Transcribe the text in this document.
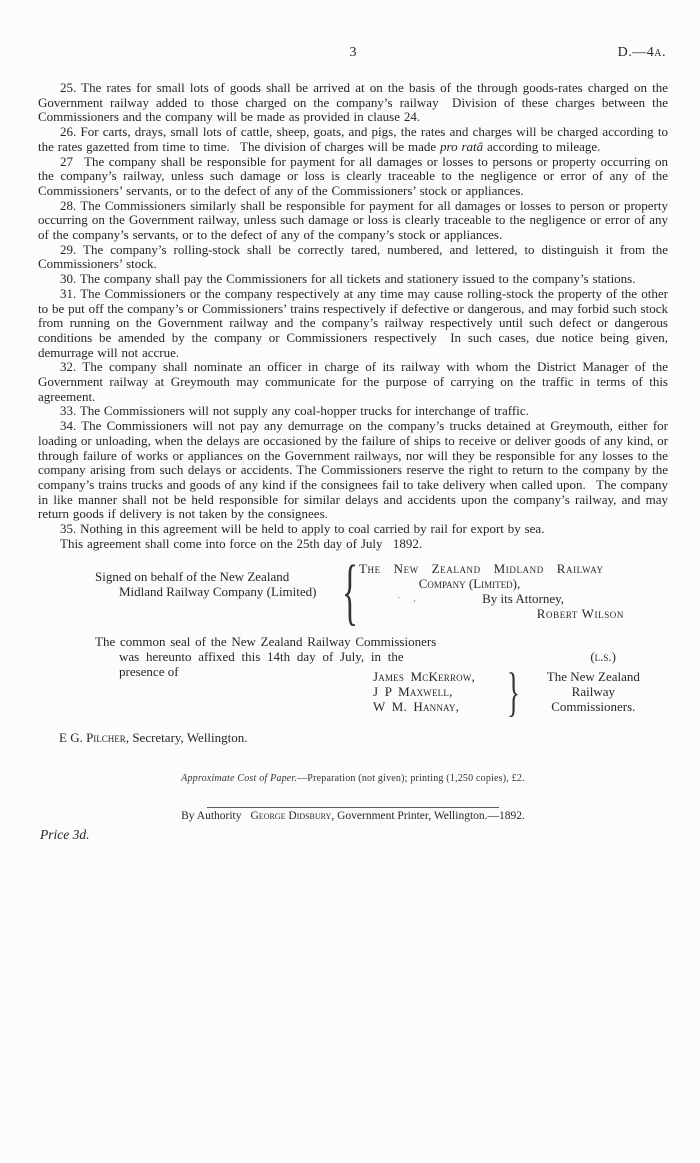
3	D.—4a.

25. The rates for small lots of goods shall be arrived at on the basis of the through goods-rates charged on the Government railway added to those charged on the company’s railway  Division of these charges between the Commissioners and the company will be made as provided in clause 24.

26. For carts, drays, small lots of cattle, sheep, goats, and pigs, the rates and charges will be charged according to the rates gazetted from time to time.  The division of charges will be made pro ratâ according to mileage.

27  The company shall be responsible for payment for all damages or losses to persons or property occurring on the company’s railway, unless such damage or loss is clearly traceable to the negligence or error of any of the Commissioners’ servants, or to the defect of any of the Commissioners’ stock or appliances.

28. The Commissioners similarly shall be responsible for payment for all damages or losses to person or property occurring on the Government railway, unless such damage or loss is clearly traceable to the negligence or error of any of the company’s servants, or to the defect of any of the company’s stock or appliances.

29. The company’s rolling-stock shall be correctly tared, numbered, and lettered, to distinguish it from the Commissioners’ stock.

30. The company shall pay the Commissioners for all tickets and stationery issued to the company’s stations.

31. The Commissioners or the company respectively at any time may cause rolling-stock the property of the other to be put off the company’s or Commissioners’ trains respectively if defective or dangerous, and may forbid such stock from running on the Government railway and the company’s railway respectively until such defect or dangerous conditions be amended by the company or Commissioners respectively  In such cases, due notice being given, demurrage will not accrue.

32. The company shall nominate an officer in charge of its railway with whom the District Manager of the Government railway at Greymouth may communicate for the purpose of carrying on the traffic in terms of this agreement.

33. The Commissioners will not supply any coal-hopper trucks for interchange of traffic.

34. The Commissioners will not pay any demurrage on the company’s trucks detained at Greymouth, either for loading or unloading, when the delays are occasioned by the failure of ships to receive or deliver goods of any kind, or through failure of works or appliances on the Government railways, nor will they be responsible for any losses to the company arising from such delays or accidents. The Commissioners reserve the right to return to the company by the company’s trains trucks and goods of any kind if the consignees fail to take delivery when called upon.  The company in like manner shall not be held responsible for similar delays and accidents upon the company’s railway, and may return goods if delivery is not taken by the consignees.

35. Nothing in this agreement will be held to apply to coal carried by rail for export by sea.

This agreement shall come into force on the 25th day of July  1892.

Signed on behalf of the New Zealand
Midland Railway Company (Limited) { The New Zealand Midland Railway
Company (Limited),
· ‚	By its Attorney,
Robert Wilson
The common seal of the New Zealand Railway Commissioners
was hereunto affixed this 14th day of July, in the	(l.s.)
presence of	James McKerrow,
J P Maxwell,
W M. Hannay, }	The New Zealand
Railway
Commissioners.
E G. Pilcher, Secretary, Wellington.
Approximate Cost of Paper.—Preparation (not given); printing (1,250 copies), £2.
By Authority George Didsbury, Government Printer, Wellington.—1892.
Price 3d.
